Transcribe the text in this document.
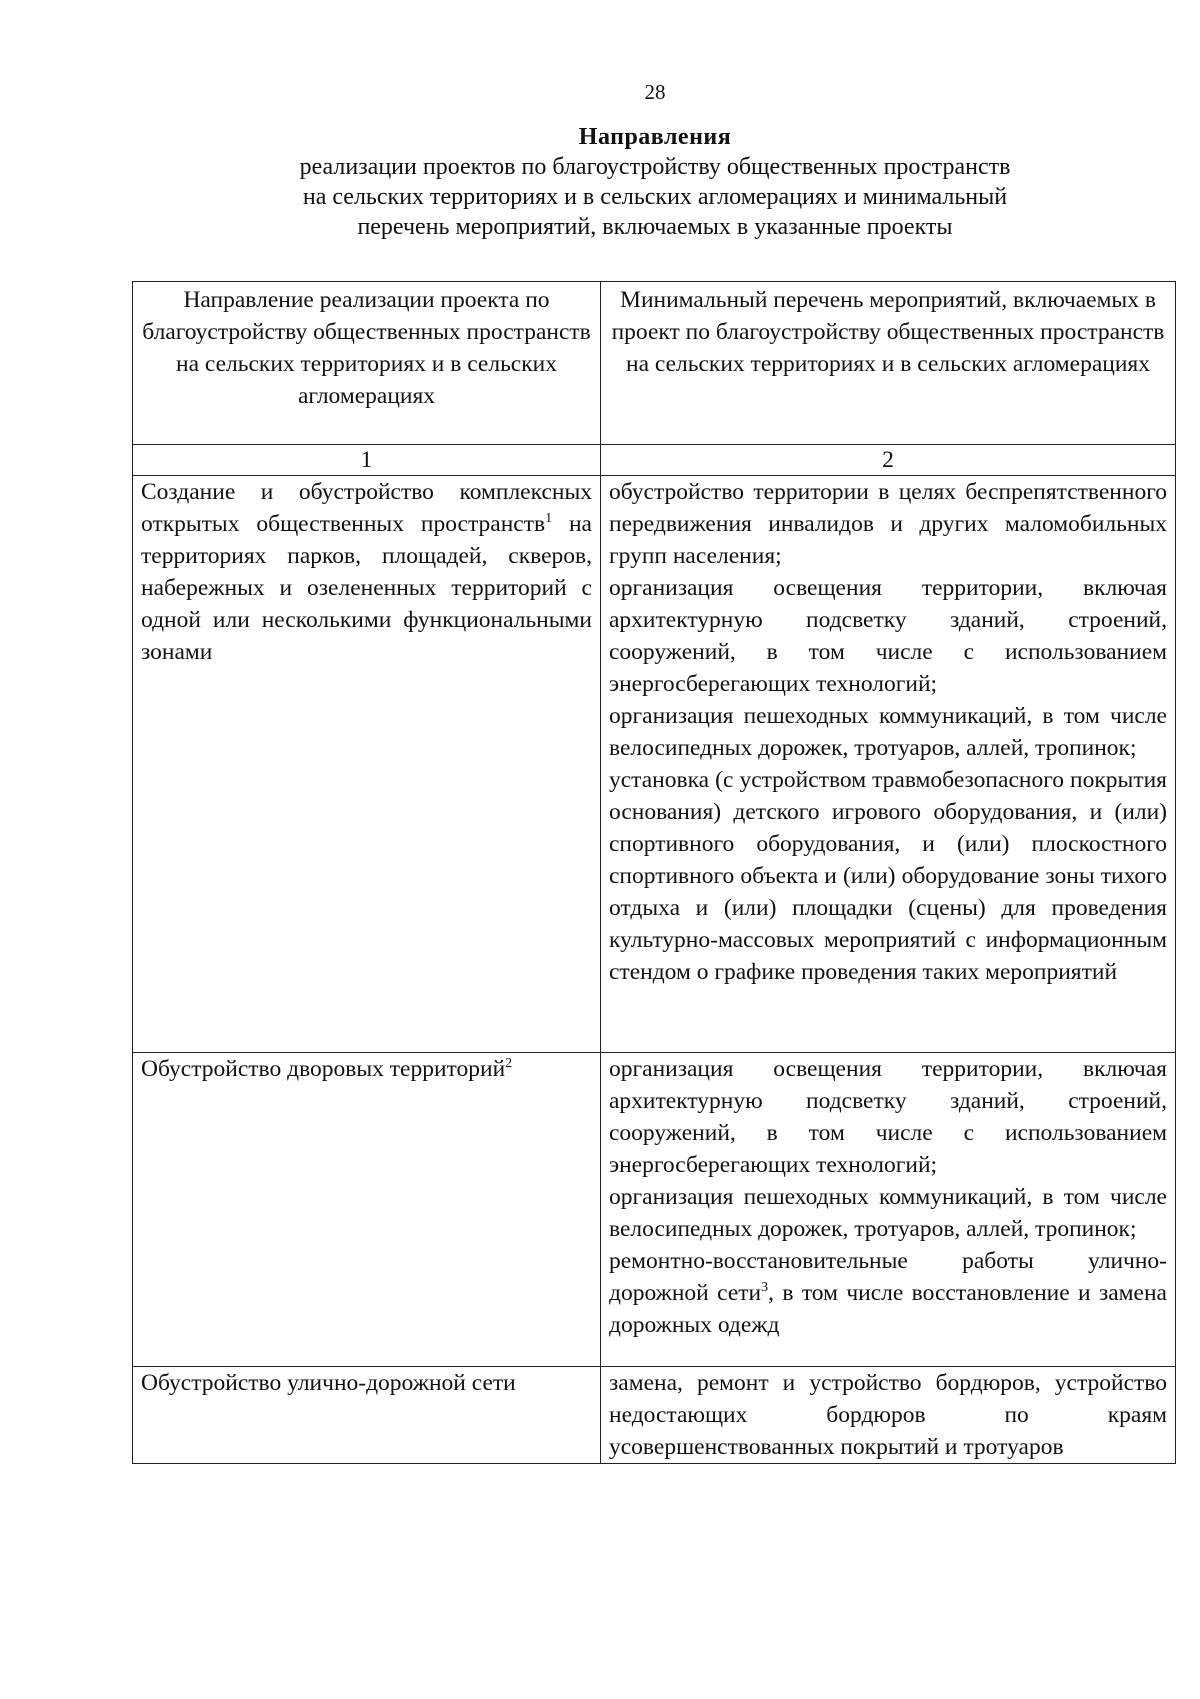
28
Направления
реализации проектов по благоустройству общественных пространств
на сельских территориях и в сельских агломерациях и минимальный
перечень мероприятий, включаемых в указанные проекты
Направление реализации проекта по благоустройству общественных пространств на сельских территориях и в сельских агломерациях	Минимальный перечень мероприятий, включаемых в проект по благоустройству общественных пространств на сельских территориях и в сельских агломерациях
1	2
Создание и обустройство комплексных открытых общественных пространств$^1$ на территориях парков, площадей, скверов, набережных и озелененных территорий с одной или несколькими функциональными зонами	обустройство территории в целях беспрепятственного передвижения инвалидов и других маломобильных групп населения;
организация освещения территории, включая архитектурную подсветку зданий, строений, сооружений, в том числе с использованием энергосберегающих технологий;
организация пешеходных коммуникаций, в том числе велосипедных дорожек, тротуаров, аллей, тропинок;
установка (с устройством травмобезопасного покрытия основания) детского игрового оборудования, и (или) спортивного оборудования, и (или) плоскостного спортивного объекта и (или) оборудование зоны тихого отдыха и (или) площадки (сцены) для проведения культурно-массовых мероприятий с информационным стендом о графике проведения таких мероприятий

Обустройство дворовых территорий$^2$	организация освещения территории, включая архитектурную подсветку зданий, строений, сооружений, в том числе с использованием энергосберегающих технологий;
организация пешеходных коммуникаций, в том числе велосипедных дорожек, тротуаров, аллей, тропинок;
ремонтно-восстановительные работы улично-дорожной сети$^3$, в том числе восстановление и замена дорожных одежд

Обустройство улично-дорожной сети	замена, ремонт и устройство бордюров, устройство недостающих бордюров по краям усовершенствованных покрытий и тротуаров
